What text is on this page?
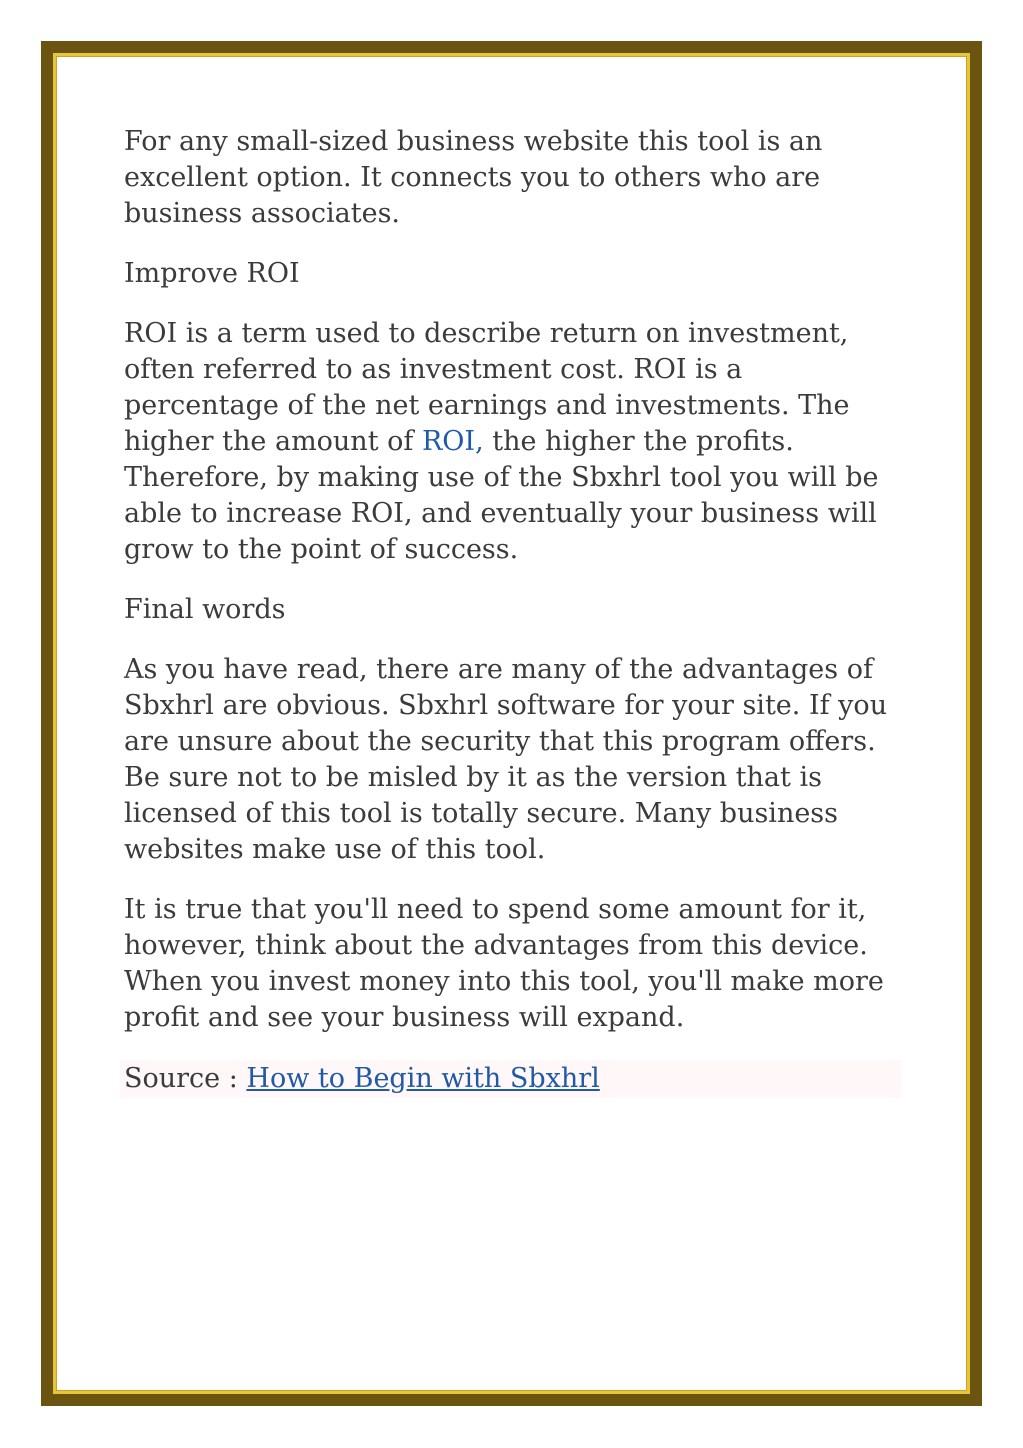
For any small-sized business website this tool is an excellent option. It connects you to others who are business associates.

Improve ROI

ROI is a term used to describe return on investment, often referred to as investment cost. ROI is a percentage of the net earnings and investments. The higher the amount of ROI, the higher the profits. Therefore, by making use of the Sbxhrl tool you will be able to increase ROI, and eventually your business will grow to the point of success.

Final words

As you have read, there are many of the advantages of Sbxhrl are obvious. Sbxhrl software for your site. If you are unsure about the security that this program offers. Be sure not to be misled by it as the version that is licensed of this tool is totally secure. Many business websites make use of this tool.

It is true that you'll need to spend some amount for it, however, think about the advantages from this device. When you invest money into this tool, you'll make more profit and see your business will expand.

Source : How to Begin with Sbxhrl
